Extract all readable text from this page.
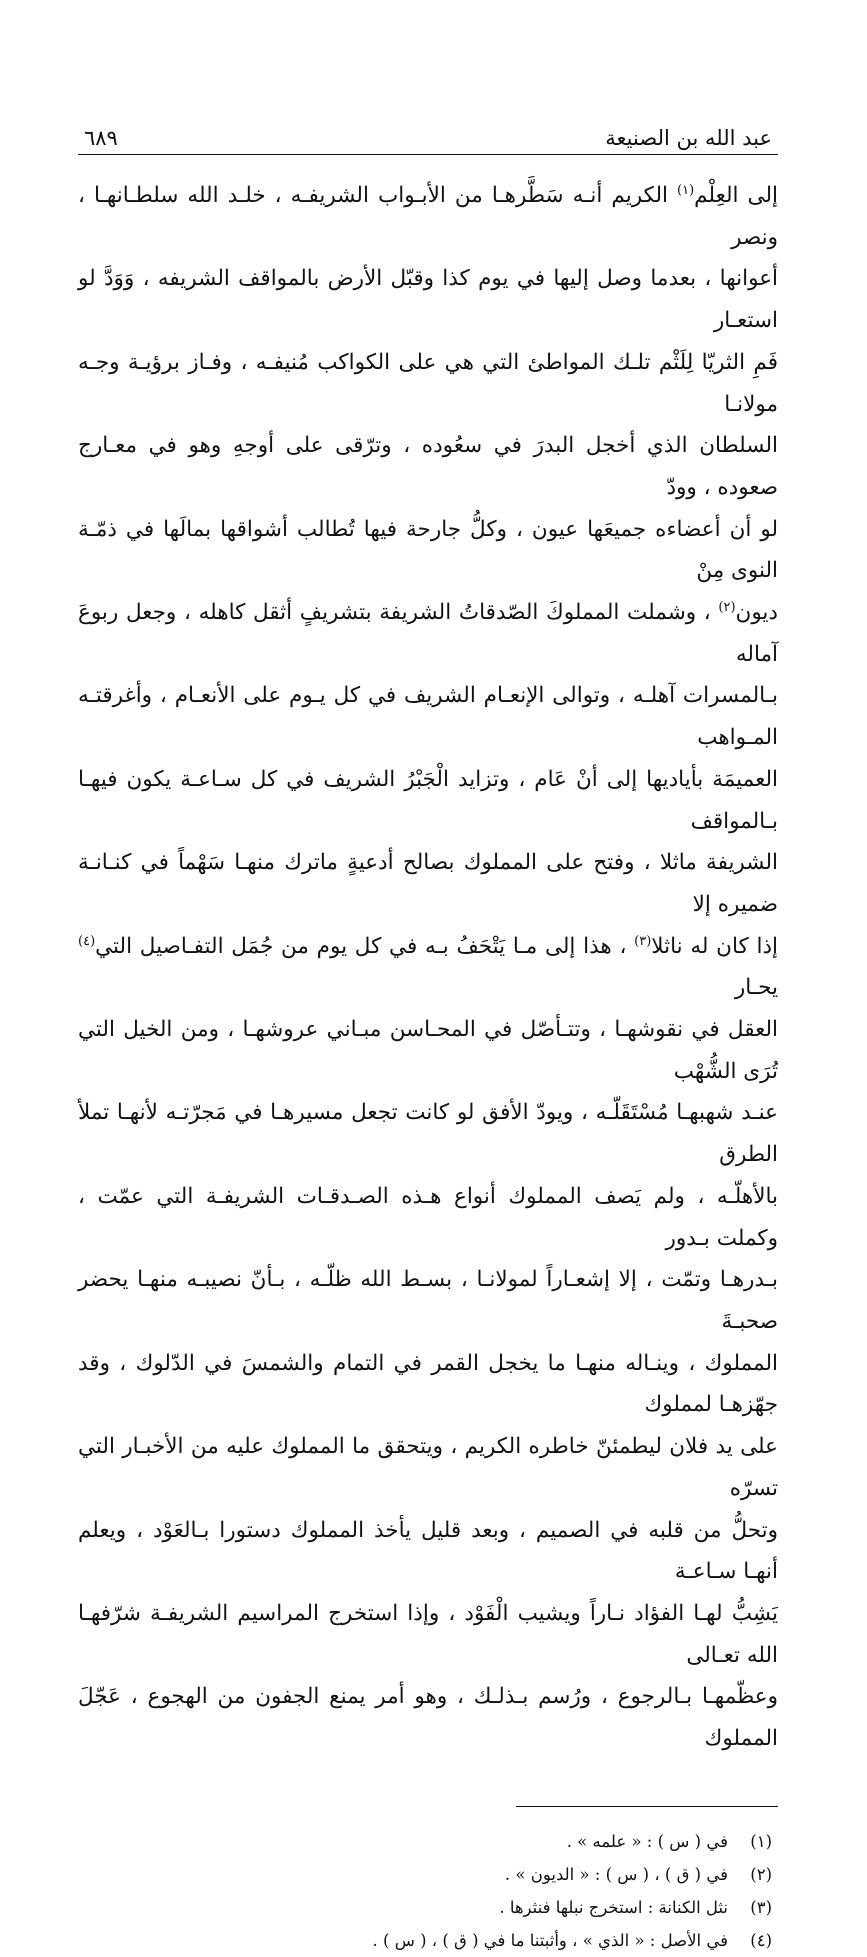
عبد الله بن الصنيعة
٦٨٩

إلى العِلْم$^{(١)}$ الكريم أنـه سَطَّرهـا من الأبـواب الشريفـه ، خلـد الله سلطـانهـا ، ونصر

أعوانها ، بعدما وصل إليها في يوم كذا وقبّل الأرض بالمواقف الشريفه ، وَوَدَّ لو استعـار

فَمِ الثريّا لِلَثْم تلـك المواطئ التي هي على الكواكب مُنيفـه ، وفـاز برؤيـة وجـه مولانـا

السلطان الذي أخجل البدرَ في سعُوده ، وترّقى على أوجهِ وهو في معـارج صعوده ، وودّ

لو أن أعضاءه جميعَها عيون ، وكلُّ جارحة فيها تُطالب أشواقها بمالَها في ذمّـة النوى مِنْ

ديون$^{(٢)}$ ، وشملت المملوكَ الصّدقاتُ الشريفة بتشريفٍ أثقل كاهله ، وجعل ربوعَ آماله

بـالمسرات آهلـه ، وتوالى الإنعـام الشريف في كل يـوم على الأنعـام ، وأغرقتـه المـواهب

العميمَة بأياديها إلى أنْ عَام ، وتزايد الْجَبْرُ الشريف في كل سـاعـة يكون فيهـا بـالمواقف

الشريفة ماثلا ، وفتح على المملوك بصالح أدعيةٍ ماترك منهـا سَهْماً في كنـانـة ضميره إلا

إذا كان له ناثلا$^{(٣)}$ ، هذا إلى مـا يَتْحَفُ بـه في كل يوم من جُمَل التفـاصيل التي$^{(٤)}$ يحـار

العقل في نقوشهـا ، وتتـأصّل في المحـاسن مبـاني عروشهـا ، ومن الخيل التي تُرَى الشُّهْب

عنـد شهبهـا مُسْتَقَلّـه ، ويودّ الأفق لو كانت تجعل مسيرهـا في مَجرّتـه لأنهـا تملأ الطرق

بالأهلّـه ، ولم يَصف المملوك أنواع هـذه الصـدقـات الشريفـة التي عمّت ، وكملت بـدور

بـدرهـا وتمّت ، إلا إشعـاراً لمولانـا ، بسـط الله ظلّـه ، بـأنّ نصيبـه منهـا يحضر صحبـةَ

المملوك ، وينـاله منهـا ما يخجل القمر في التمام والشمسَ في الدّلوك ، وقد جهّزهـا لمملوك

على يد فلان ليطمئنّ خاطره الكريم ، ويتحقق ما المملوك عليه من الأخبـار التي تسرّه

وتحلُّ من قلبه في الصميم ، وبعد قليل يأخذ المملوك دستورا بـالعَوْد ، ويعلم أنهـا سـاعـة

يَشِبُّ لهـا الفؤاد نـاراً ويشيب الْفَوْد ، وإذا استخرج المراسيم الشريفـة شرّفهـا الله تعـالى

وعظّمهـا بـالرجوع ، ورُسم بـذلـك ، وهو أمر يمنع الجفون من الهجوع ، عَجّلَ المملوك

(١)
في ( س ) : « علمه » .
(٢)
في ( ق ) ، ( س ) : « الديون » .
(٣)
نثل الكنانة : استخرج نبلها فنثرها .
(٤)
في الأصل : « الذي » ، وأثبتنا ما في ( ق ) ، ( س ) .
